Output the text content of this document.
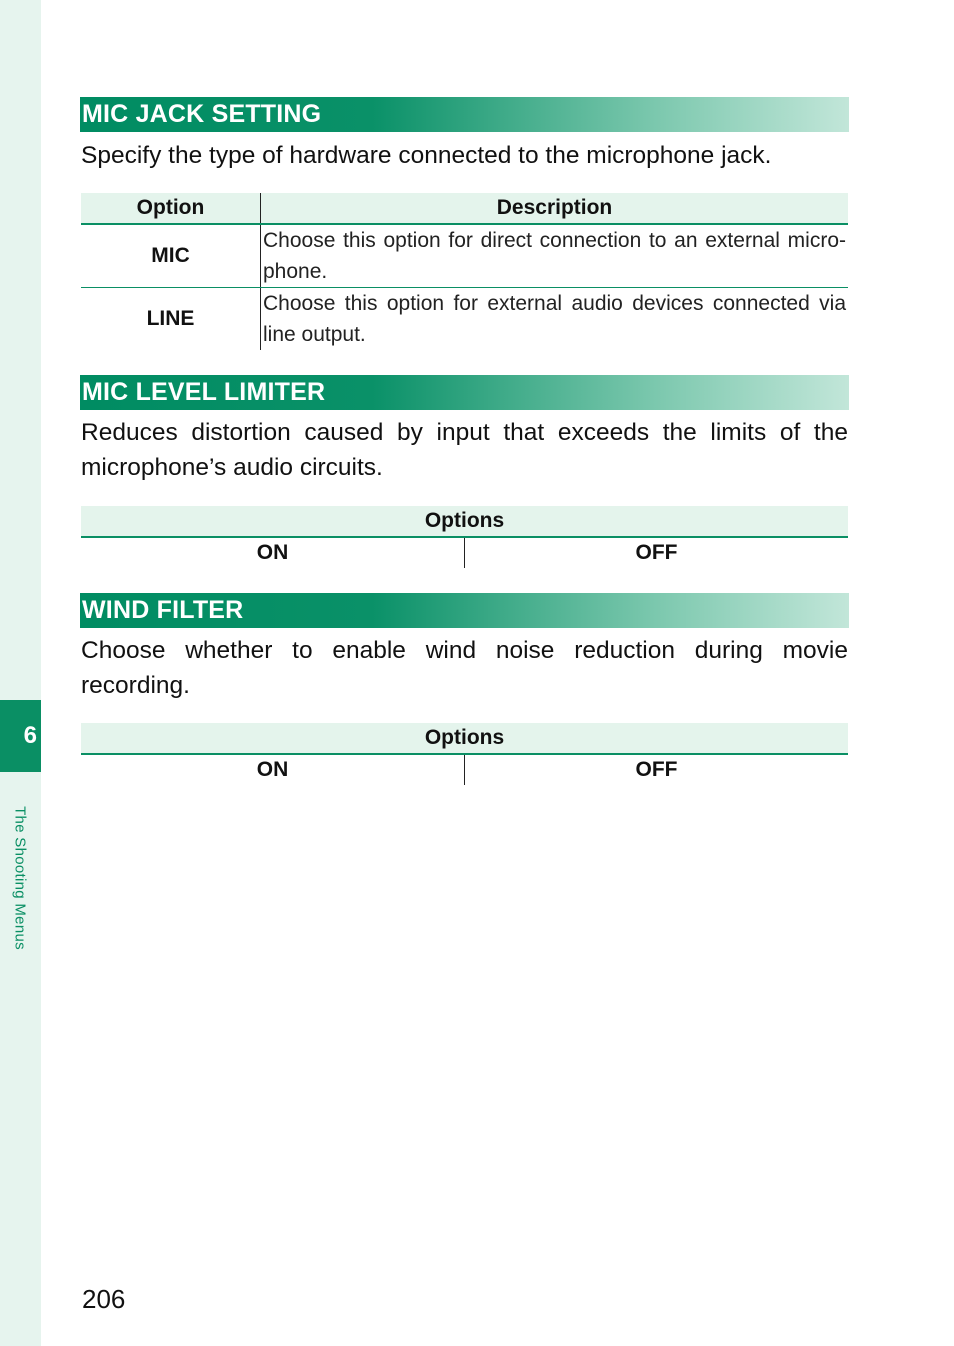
6
The Shooting Menus
MIC JACK SETTING
Specify the type of hardware connected to the microphone jack.
Option	Description
MIC	Choose this option for direct connection to an external micro-phone.
LINE	Choose this option for external audio devices connected via line output.
MIC LEVEL LIMITER
Reduces distortion caused by input that exceeds the limits of the microphone’s audio circuits.
Options
ON	OFF
WIND FILTER
Choose whether to enable wind noise reduction during movie recording.
Options
ON	OFF
206
